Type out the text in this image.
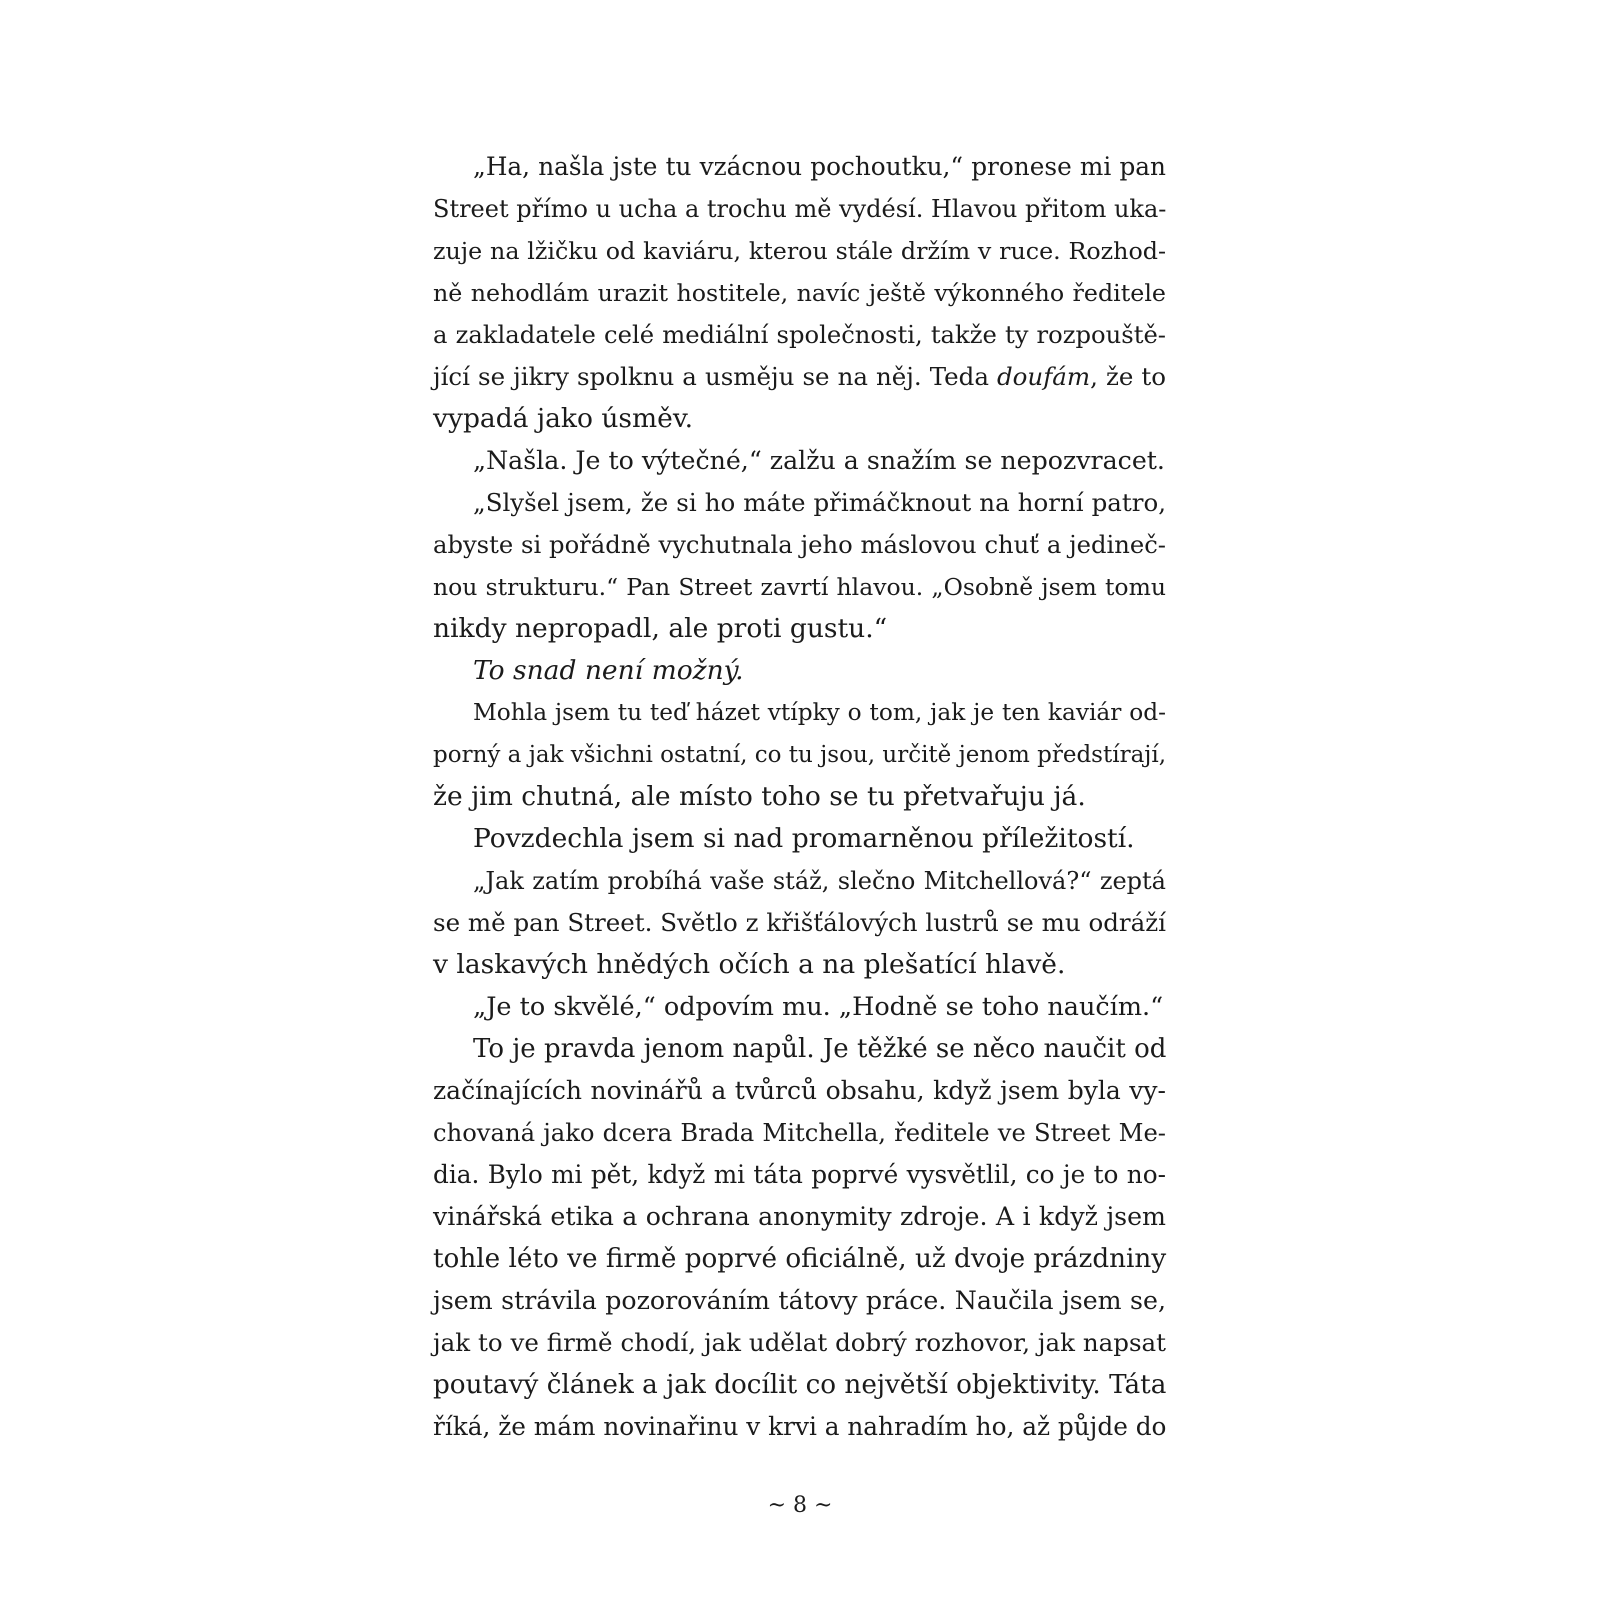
„Ha, našla jste tu vzácnou pochoutku,“ pronese mi pan
Street přímo u ucha a trochu mě vydésí. Hlavou přitom uka-
zuje na lžičku od kaviáru, kterou stále držím v ruce. Rozhod-
ně nehodlám urazit hostitele, navíc ještě výkonného ředitele
a zakladatele celé mediální společnosti, takže ty rozpouště-
jící se jikry spolknu a usměju se na něj. Teda doufám, že to
vypadá jako úsměv.
„Našla. Je to výtečné,“ zalžu a snažím se nepozvracet.
„Slyšel jsem, že si ho máte přimáčknout na horní patro,
abyste si pořádně vychutnala jeho máslovou chuť a jedineč-
nou strukturu.“ Pan Street zavrtí hlavou. „Osobně jsem tomu
nikdy nepropadl, ale proti gustu.“
To snad není možný.
Mohla jsem tu teď házet vtípky o tom, jak je ten kaviár od-
porný a jak všichni ostatní, co tu jsou, určitě jenom předstírají,
že jim chutná, ale místo toho se tu přetvařuju já.
Povzdechla jsem si nad promarněnou příležitostí.
„Jak zatím probíhá vaše stáž, slečno Mitchellová?“ zeptá
se mě pan Street. Světlo z křišťálových lustrů se mu odráží
v laskavých hnědých očích a na plešatící hlavě.
„Je to skvělé,“ odpovím mu. „Hodně se toho naučím.“
To je pravda jenom napůl. Je těžké se něco naučit od
začínajících novinářů a tvůrců obsahu, když jsem byla vy-
chovaná jako dcera Brada Mitchella, ředitele ve Street Me-
dia. Bylo mi pět, když mi táta poprvé vysvětlil, co je to no-
vinářská etika a ochrana anonymity zdroje. A i když jsem
tohle léto ve firmě poprvé oficiálně, už dvoje prázdniny
jsem strávila pozorováním tátovy práce. Naučila jsem se,
jak to ve firmě chodí, jak udělat dobrý rozhovor, jak napsat
poutavý článek a jak docílit co největší objektivity. Táta
říká, že mám novinařinu v krvi a nahradím ho, až půjde do
~ 8 ~
